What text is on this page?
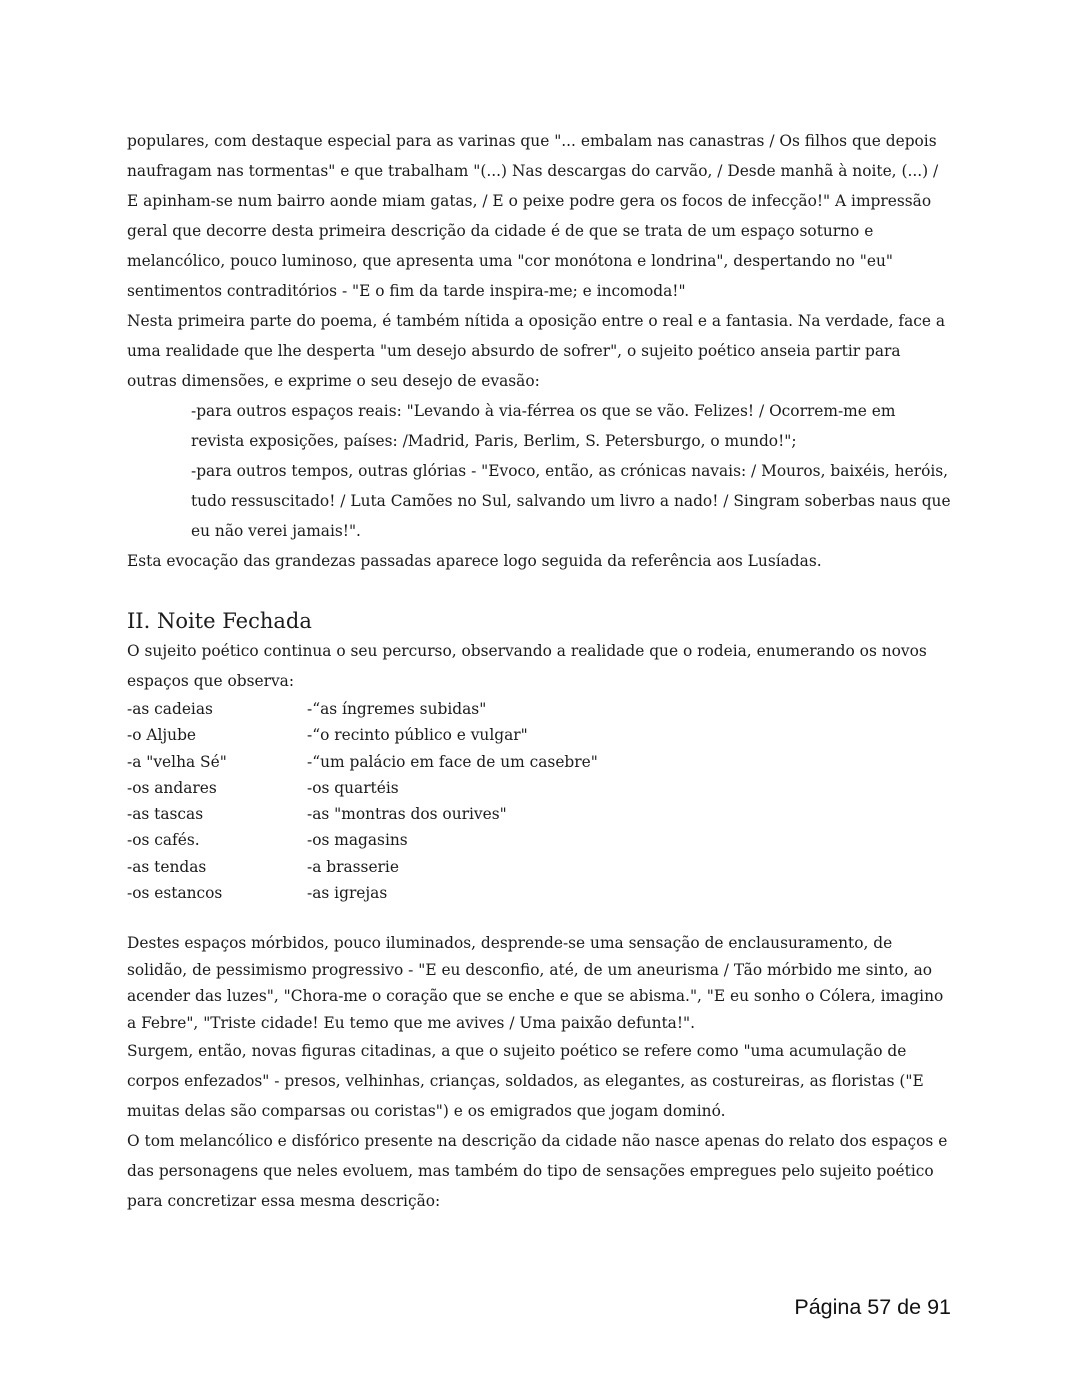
populares, com destaque especial para as varinas que "... embalam nas canastras / Os filhos que depois naufragam nas tormentas" e que trabalham "(...) Nas descargas do carvão, / Desde manhã à noite, (...) / E apinham-se num bairro aonde miam gatas, / E o peixe podre gera os focos de infecção!" A impressão geral que decorre desta primeira descrição da cidade é de que se trata de um espaço soturno e melancólico, pouco luminoso, que apresenta uma "cor monótona e londrina", despertando no "eu" sentimentos contraditórios - "E o fim da tarde inspira-me; e incomoda!"

Nesta primeira parte do poema, é também nítida a oposição entre o real e a fantasia. Na verdade, face a uma realidade que lhe desperta "um desejo absurdo de sofrer", o sujeito poético anseia partir para outras dimensões, e exprime o seu desejo de evasão:

-para outros espaços reais: "Levando à via-férrea os que se vão. Felizes! / Ocorrem-me em revista exposições, países: /Madrid, Paris, Berlim, S. Petersburgo, o mundo!";

-para outros tempos, outras glórias - "Evoco, então, as crónicas navais: / Mouros, baixéis, heróis, tudo ressuscitado! / Luta Camões no Sul, salvando um livro a nado! / Singram soberbas naus que eu não verei jamais!".

Esta evocação das grandezas passadas aparece logo seguida da referência aos Lusíadas.

II. Noite Fechada

O sujeito poético continua o seu percurso, observando a realidade que o rodeia, enumerando os novos espaços que observa:

-as cadeias	-“as íngremes subidas"
-o Aljube	-“o recinto público e vulgar"
-a "velha Sé"	-“um palácio em face de um casebre"
-os andares	-os quartéis
-as tascas	-as "montras dos ourives"
-os cafés.	-os magasins
-as tendas	-a brasserie
-os estancos	-as igrejas

Destes espaços mórbidos, pouco iluminados, desprende-se uma sensação de enclausuramento, de solidão, de pessimismo progressivo - "E eu desconfio, até, de um aneurisma / Tão mórbido me sinto, ao acender das luzes", "Chora-me o coração que se enche e que se abisma.", "E eu sonho o Cólera, imagino a Febre", "Triste cidade! Eu temo que me avives / Uma paixão defunta!".

Surgem, então, novas figuras citadinas, a que o sujeito poético se refere como "uma acumulação de corpos enfezados" - presos, velhinhas, crianças, soldados, as elegantes, as costureiras, as floristas ("E muitas delas são comparsas ou coristas") e os emigrados que jogam dominó.

O tom melancólico e disfórico presente na descrição da cidade não nasce apenas do relato dos espaços e das personagens que neles evoluem, mas também do tipo de sensações empregues pelo sujeito poético para concretizar essa mesma descrição:

Página 57 de 91
